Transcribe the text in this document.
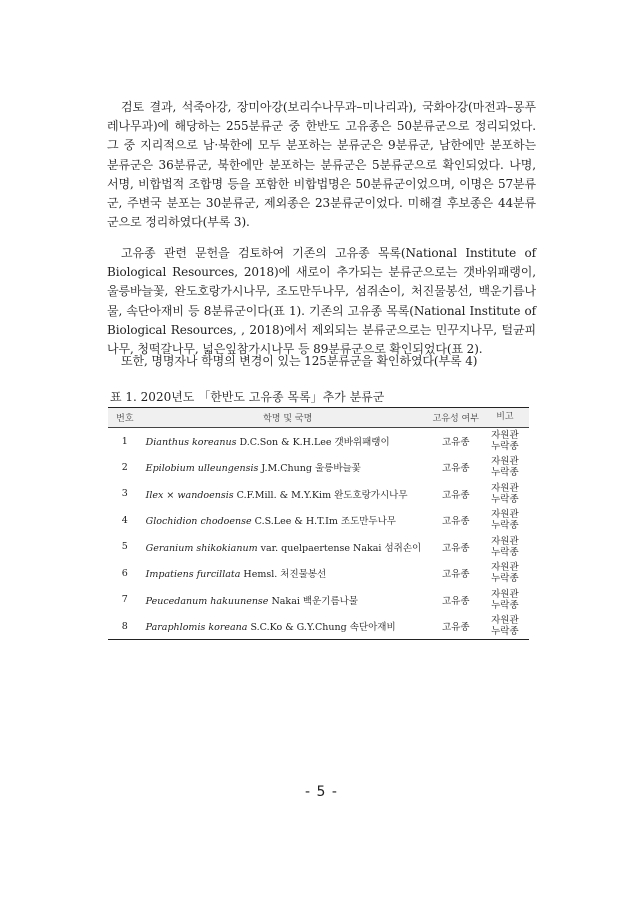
검토 결과, 석죽아강, 장미아강(보리수나무과–미나리과), 국화아강(마전과–몽푸레나무과)에 해당하는 255분류군 중 한반도 고유종은 50분류군으로 정리되었다. 그 중 지리적으로 남·북한에 모두 분포하는 분류군은 9분류군, 남한에만 분포하는 분류군은 36분류군, 북한에만 분포하는 분류군은 5분류군으로 확인되었다. 나명, 서명, 비합법적 조합명 등을 포함한 비합법명은 50분류군이었으며, 이명은 57분류군, 주변국 분포는 30분류군, 제외종은 23분류군이었다. 미해결 후보종은 44분류군으로 정리하였다(부록 3).

고유종 관련 문헌을 검토하여 기존의 고유종 목록(National Institute of Biological Resources, 2018)에 새로이 추가되는 분류군으로는 갯바위패랭이, 울릉바늘꽃, 완도호랑가시나무, 조도만두나무, 섬쥐손이, 처진물봉선, 백운기름나물, 속단아재비 등 8분류군이다(표 1). 기존의 고유종 목록(National Institute of Biological Resources, , 2018)에서 제외되는 분류군으로는 민꾸지나무, 털균피나무, 청떡갈나무, 넓은잎참가시나무 등 89분류군으로 확인되었다(표 2).

또한, 명명자나 학명의 변경이 있는 125분류군을 확인하였다(부록 4)

표 1. 2020년도 「한반도 고유종 목록」추가 분류군
번호	학명 및 국명	고유성 여부	비고
1	Dianthus koreanus D.C.Son & K.H.Lee 갯바위패랭이	고유종	자원관
누락종

2	Epilobium ulleungensis J.M.Chung 울릉바늘꽃	고유종	자원관
누락종

3	Ilex × wandoensis C.F.Mill. & M.Y.Kim 완도호랑가시나무	고유종	자원관
누락종

4	Glochidion chodoense C.S.Lee & H.T.Im 조도만두나무	고유종	자원관
누락종

5	Geranium shikokianum var. quelpaertense Nakai 섬쥐손이	고유종	자원관
누락종

6	Impatiens furcillata Hemsl. 처진물봉선	고유종	자원관
누락종

7	Peucedanum hakuunense Nakai 백운기름나물	고유종	자원관
누락종

8	Paraphlomis koreana S.C.Ko & G.Y.Chung 속단아재비	고유종	자원관
누락종
- 5 -
